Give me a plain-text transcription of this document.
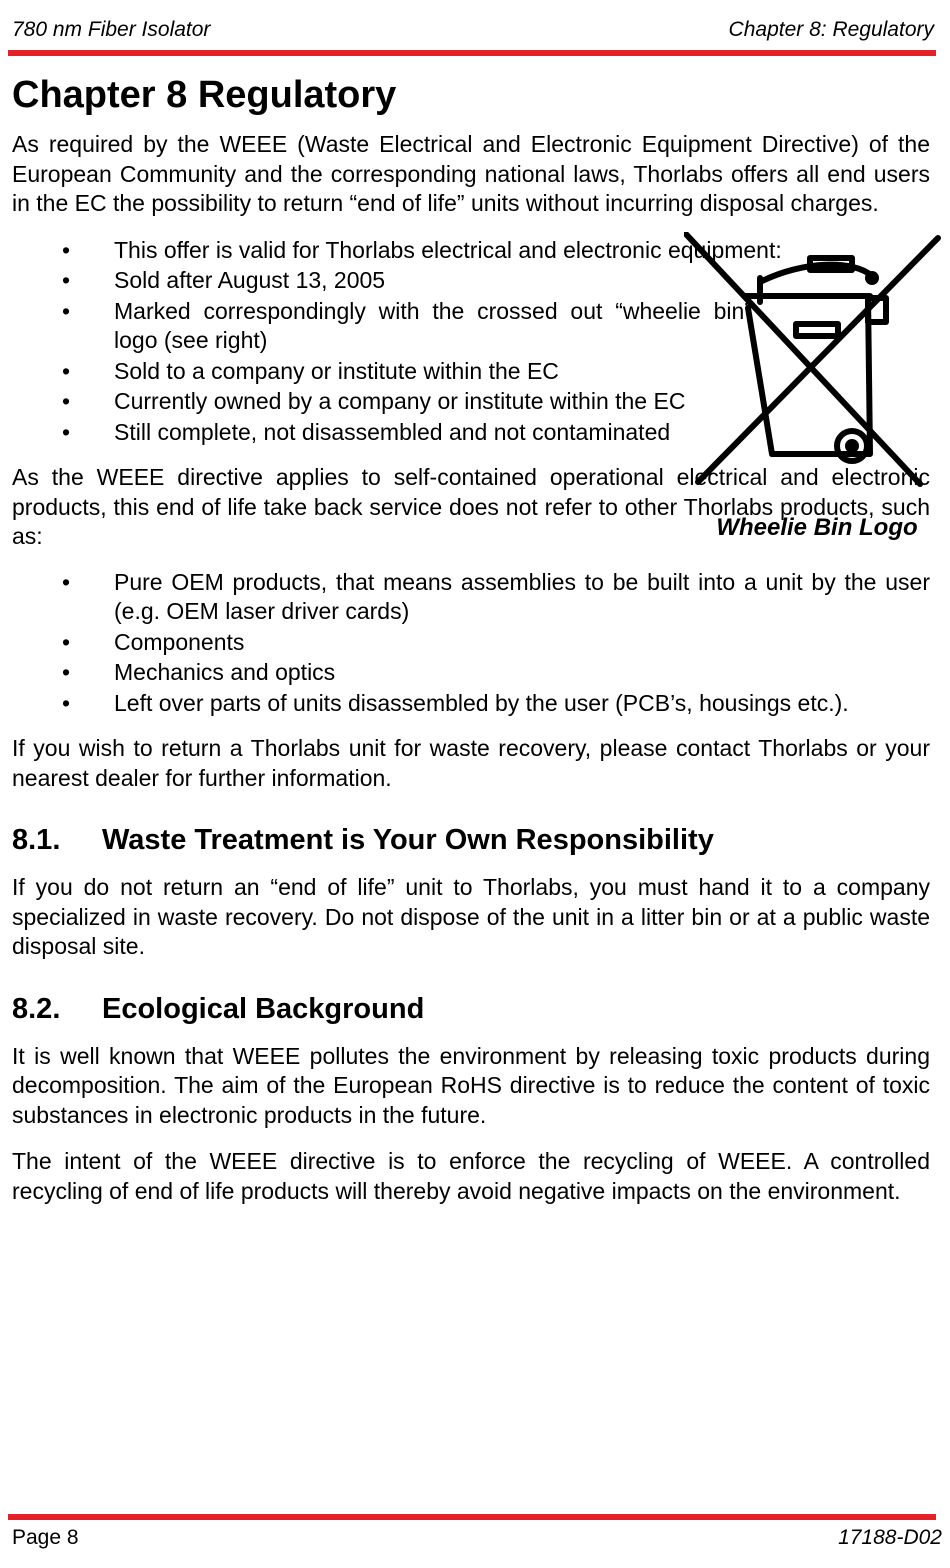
780 nm Fiber Isolator	Chapter 8: Regulatory
Wheelie Bin Logo
Chapter 8 Regulatory

As required by the WEEE (Waste Electrical and Electronic Equipment Directive) of the European Community and the corresponding national laws, Thorlabs offers all end users in the EC the possibility to return “end of life” units without incurring disposal charges.

• This offer is valid for Thorlabs electrical and electronic equipment:
• Sold after August 13, 2005
• Marked correspondingly with the crossed out “wheelie bin” logo (see right)
• Sold to a company or institute within the EC
• Currently owned by a company or institute within the EC
• Still complete, not disassembled and not contaminated

As the WEEE directive applies to self-contained operational electrical and electronic products, this end of life take back service does not refer to other Thorlabs products, such as:

• Pure OEM products, that means assemblies to be built into a unit by the user (e.g. OEM laser driver cards)
• Components
• Mechanics and optics
• Left over parts of units disassembled by the user (PCB’s, housings etc.).

If you wish to return a Thorlabs unit for waste recovery, please contact Thorlabs or your nearest dealer for further information.

8.1. Waste Treatment is Your Own Responsibility

If you do not return an “end of life” unit to Thorlabs, you must hand it to a company specialized in waste recovery. Do not dispose of the unit in a litter bin or at a public waste disposal site.

8.2. Ecological Background

It is well known that WEEE pollutes the environment by releasing toxic products during decomposition. The aim of the European RoHS directive is to reduce the content of toxic substances in electronic products in the future.

The intent of the WEEE directive is to enforce the recycling of WEEE. A controlled recycling of end of life products will thereby avoid negative impacts on the environment.

Page 8	17188-D02
